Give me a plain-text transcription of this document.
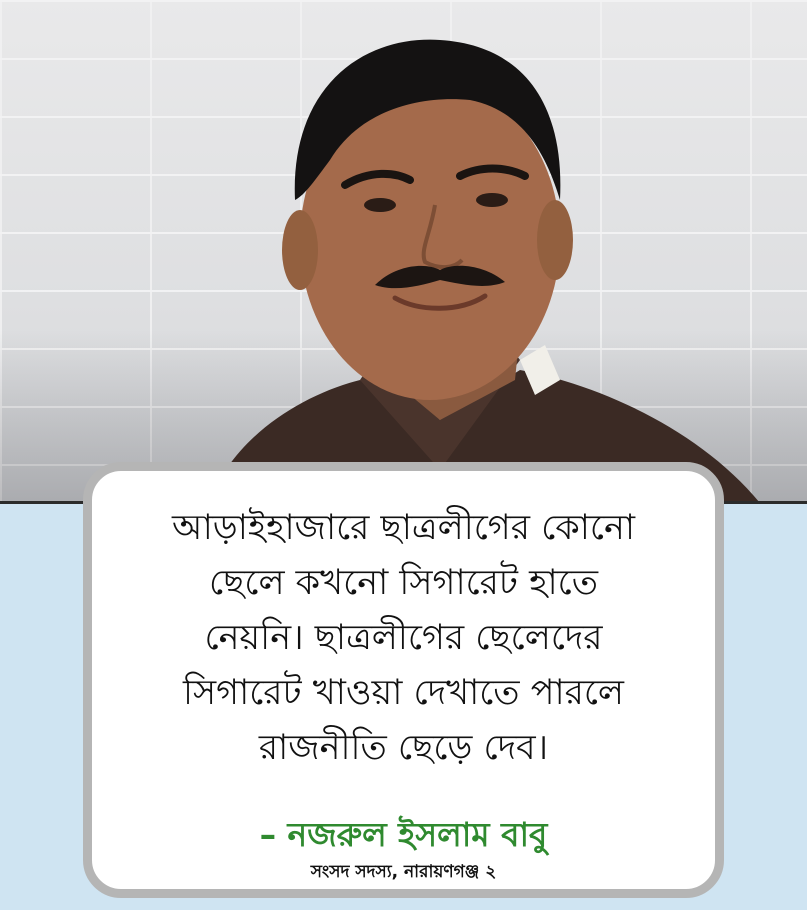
আড়াইহাজারে ছাত্রলীগের কোনো
ছেলে কখনো সিগারেট হাতে
নেয়নি। ছাত্রলীগের ছেলেদের
সিগারেট খাওয়া দেখাতে পারলে
রাজনীতি ছেড়ে দেব।
– নজরুল ইসলাম বাবু
সংসদ সদস্য, নারায়ণগঞ্জ ২
